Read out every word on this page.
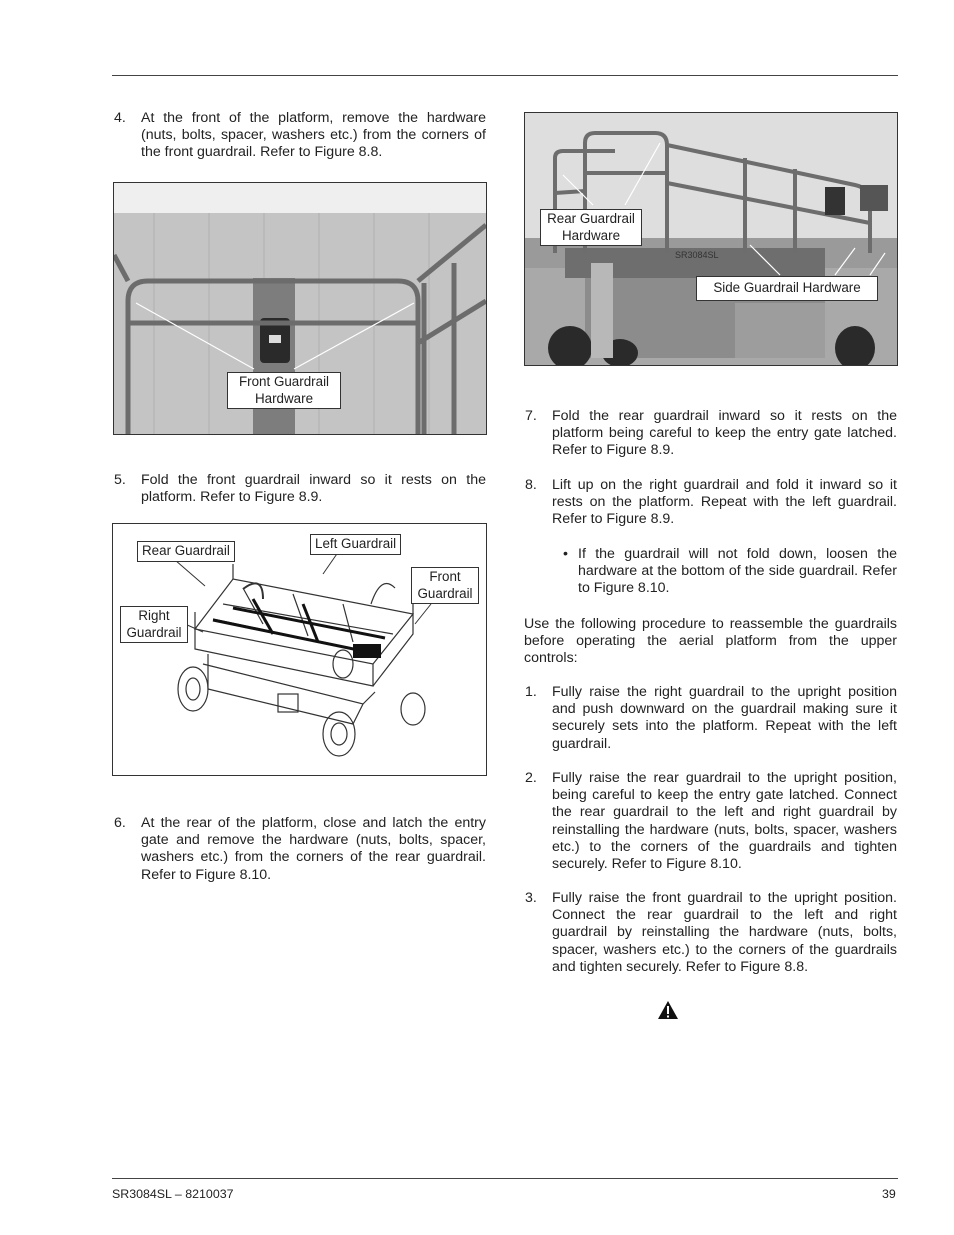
4.	At the front of the platform, remove the hardware (nuts, bolts, spacer, washers etc.) from the corners of the front guardrail. Refer to Figure 8.8.
Front Guardrail
Hardware
5.	Fold the front guardrail inward so it rests on the platform. Refer to Figure 8.9.
Rear Guardrail	Left Guardrail
Front
Guardrail
Right
Guardrail
6.	At the rear of the platform, close and latch the entry gate and remove the hardware (nuts, bolts, spacer, washers etc.) from the corners of the rear guardrail. Refer to Figure 8.10.
SR3084SL
Rear Guardrail
Hardware
Side Guardrail Hardware
7.	Fold the rear guardrail inward so it rests on the platform being careful to keep the entry gate latched. Refer to Figure 8.9.
8.	Lift up on the right guardrail and fold it inward so it rests on the platform. Repeat with the left guardrail. Refer to Figure 8.9.
• If the guardrail will not fold down, loosen the hardware at the bottom of the side guardrail. Refer to Figure 8.10.
Use the following procedure to reassemble the guardrails before operating the aerial platform from the upper controls:
1.	Fully raise the right guardrail to the upright position and push downward on the guardrail making sure it securely sets into the platform. Repeat with the left guardrail.
2.	Fully raise the rear guardrail to the upright position, being careful to keep the entry gate latched. Connect the rear guardrail to the left and right guardrail by reinstalling the hardware (nuts, bolts, spacer, washers etc.) to the corners of the guardrails and tighten securely. Refer to Figure 8.10.
3.	Fully raise the front guardrail to the upright position. Connect the rear guardrail to the left and right guardrail by reinstalling the hardware (nuts, bolts, spacer, washers etc.) to the corners of the guardrails and tighten securely. Refer to Figure 8.8.
SR3084SL – 8210037	39
